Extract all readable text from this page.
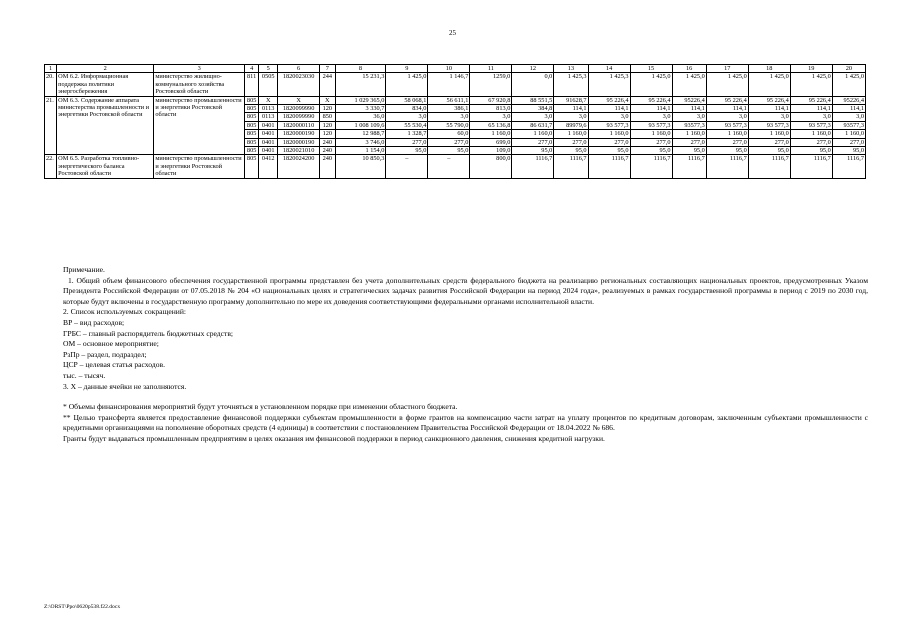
25
1	2	3	4	5	6	7	8	9	10	11	12	13	14	15	16	17	18	19	20
20.	ОМ 6.2. Информационная поддержка политики энергосбережения	министерство жилищно-коммунального хозяйства Ростовской области	811	0505	1820023030	244	15 231,3	1 425,0	1 146,7	1259,0	0,0	1 425,3	1 425,3	1 425,0	1 425,0	1 425,0	1 425,0	1 425,0	1 425,0
21.	ОМ 6.3. Содержание аппарата министерства промышленности и энергетики Ростовской области	министерство промышленности и энергетики Ростовской области	805	Х	Х	Х	1 029 365,0	58 068,1	56 611,1	67 920,8	88 551,5	91628,7	95 226,4	95 226,4	95226,4	95 226,4	95 226,4	95 226,4	95226,4
			805	0113	1820099990	120	3 330,7	834,0	386,1	813,0	384,8	114,1	114,1	114,1	114,1	114,1	114,1	114,1	114,1
			805	0113	1820099990	850	36,0	3,0	3,0	3,0	3,0	3,0	3,0	3,0	3,0	3,0	3,0	3,0	3,0
			805	0401	1820000110	120	1 008 109,6	55 530,4	55 790,0	65 136,8	86 631,7	89979,6	93 577,3	93 577,3	93577,3	93 577,3	93 577,3	93 577,3	93577,3
			805	0401	1820000190	120	12 988,7	1 328,7	60,0	1 160,0	1 160,0	1 160,0	1 160,0	1 160,0	1 160,0	1 160,0	1 160,0	1 160,0	1 160,0
			805	0401	1820000190	240	3 746,0	277,0	277,0	699,0	277,0	277,0	277,0	277,0	277,0	277,0	277,0	277,0	277,0
			805	0401	1820021010	240	1 154,0	95,0	95,0	109,0	95,0	95,0	95,0	95,0	95,0	95,0	95,0	95,0	95,0
22.	ОМ 6.5. Разработка топливно-энергетического баланса Ростовской области	министерство промышленности и энергетики Ростовской области	805	0412	1820024200	240	10 850,3	–	–	800,0	1116,7	1116,7	1116,7	1116,7	1116,7	1116,7	1116,7	1116,7	1116,7

Примечание.

1. Общий объем финансового обеспечения государственной программы представлен без учета дополнительных средств федерального бюджета на реализацию региональных составляющих национальных проектов, предусмотренных Указом Президента Российской Федерации от 07.05.2018 № 204 «О национальных целях и стратегических задачах развития Российской Федерации на период 2024 года», реализуемых в рамках государственной программы в период с 2019 по 2030 год, которые будут включены в государственную программу дополнительно по мере их доведения соответствующими федеральными органами исполнительной власти.

2. Список используемых сокращений:

ВР – вид расходов;

ГРБС – главный распорядитель бюджетных средств;

ОМ – основное мероприятие;

РзПр – раздел, подраздел;

ЦСР – целевая статья расходов.

тыс. – тысяч.

3. Х – данные ячейки не заполняются.

* Объемы финансирования мероприятий будут уточняться в установленном порядке при изменении областного бюджета.

** Целью трансферта является предоставление финансовой поддержки субъектам промышленности в форме грантов на компенсацию части затрат на уплату процентов по кредитным договорам, заключенным субъектами промышленности с кредитными организациями на пополнение оборотных средств (4 единицы) в соответствии с постановлением Правительства Российской Федерации от 18.04.2022 № 686.

Гранты будут выдаваться промышленным предприятиям в целях оказания им финансовой поддержки в период санкционного давления, снижения кредитной нагрузки.

Z:\ORST\Ppo\0620p538.f22.docx
